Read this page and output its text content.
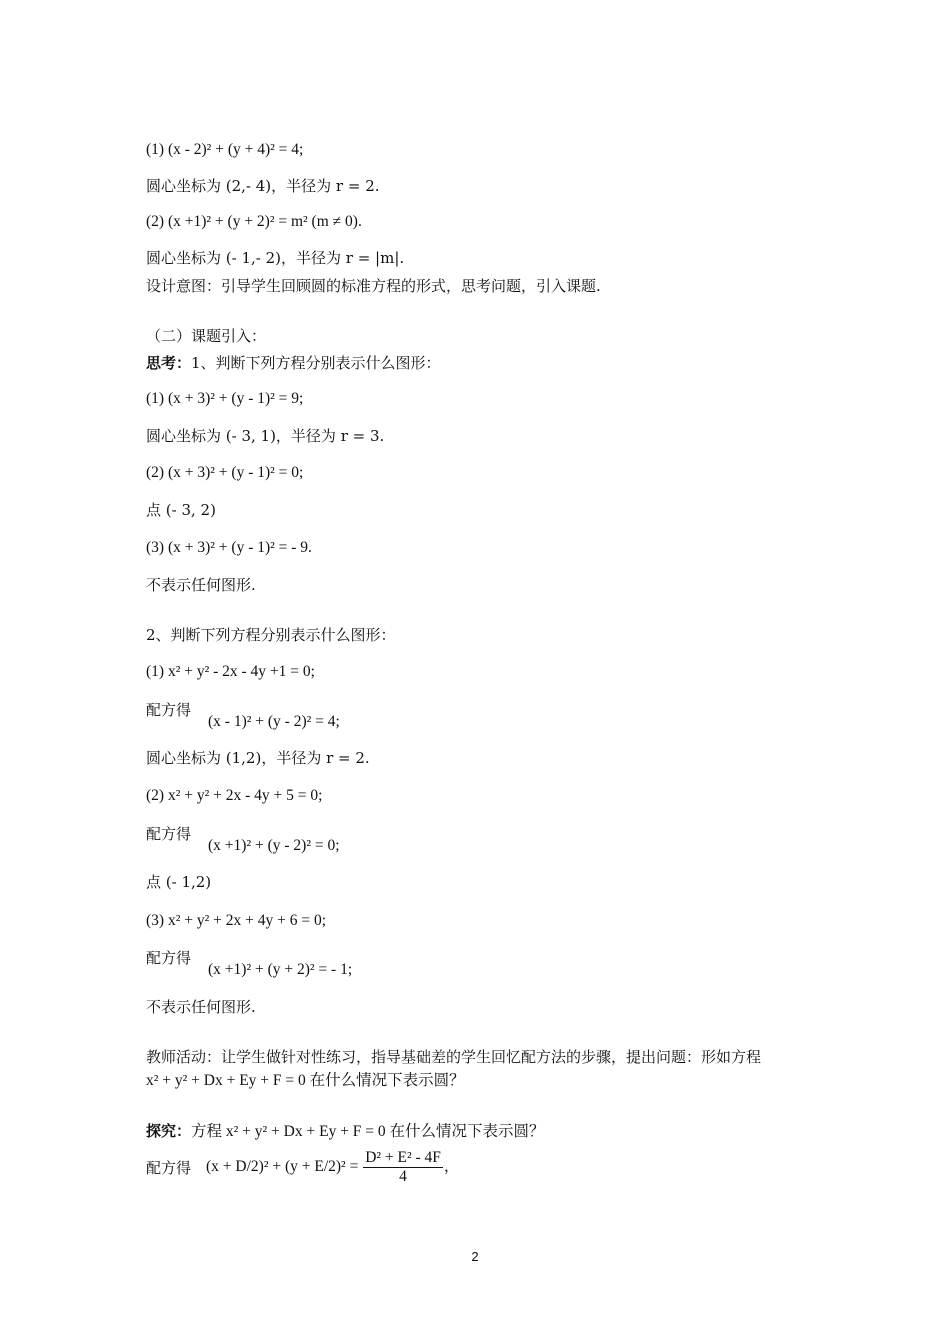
(1) (x - 2)² + (y + 4)² = 4;
圆心坐标为 (2,- 4)，半径为 r = 2.
(2) (x +1)² + (y + 2)² = m² (m ≠ 0).
圆心坐标为 (- 1,- 2)，半径为 r = |m|.
设计意图：引导学生回顾圆的标准方程的形式，思考问题，引入课题.
（二）课题引入：
思考：1、判断下列方程分别表示什么图形：
(1) (x + 3)² + (y - 1)² = 9;
圆心坐标为 (- 3, 1)，半径为 r = 3.
(2) (x + 3)² + (y - 1)² = 0;
点 (- 3, 2)
(3) (x + 3)² + (y - 1)² = - 9.
不表示任何图形.
2、判断下列方程分别表示什么图形：
(1) x² + y² - 2x - 4y +1 = 0;
配方得
(x - 1)² + (y - 2)² = 4;
圆心坐标为 (1,2)，半径为 r = 2.
(2) x² + y² + 2x - 4y + 5 = 0;
配方得
(x +1)² + (y - 2)² = 0;
点 (- 1,2)
(3) x² + y² + 2x + 4y + 6 = 0;
配方得
(x +1)² + (y + 2)² = - 1;
不表示任何图形.
教师活动：让学生做针对性练习，指导基础差的学生回忆配方法的步骤，提出问题：形如方程
x² + y² + Dx + Ey + F = 0 在什么情况下表示圆？
探究：方程 x² + y² + Dx + Ey + F = 0 在什么情况下表示圆？
配方得 $(x + D/2)^2 + (y + E/2)^2 = \frac{\text{D² + E² - 4F}}{4}$ ，
2
